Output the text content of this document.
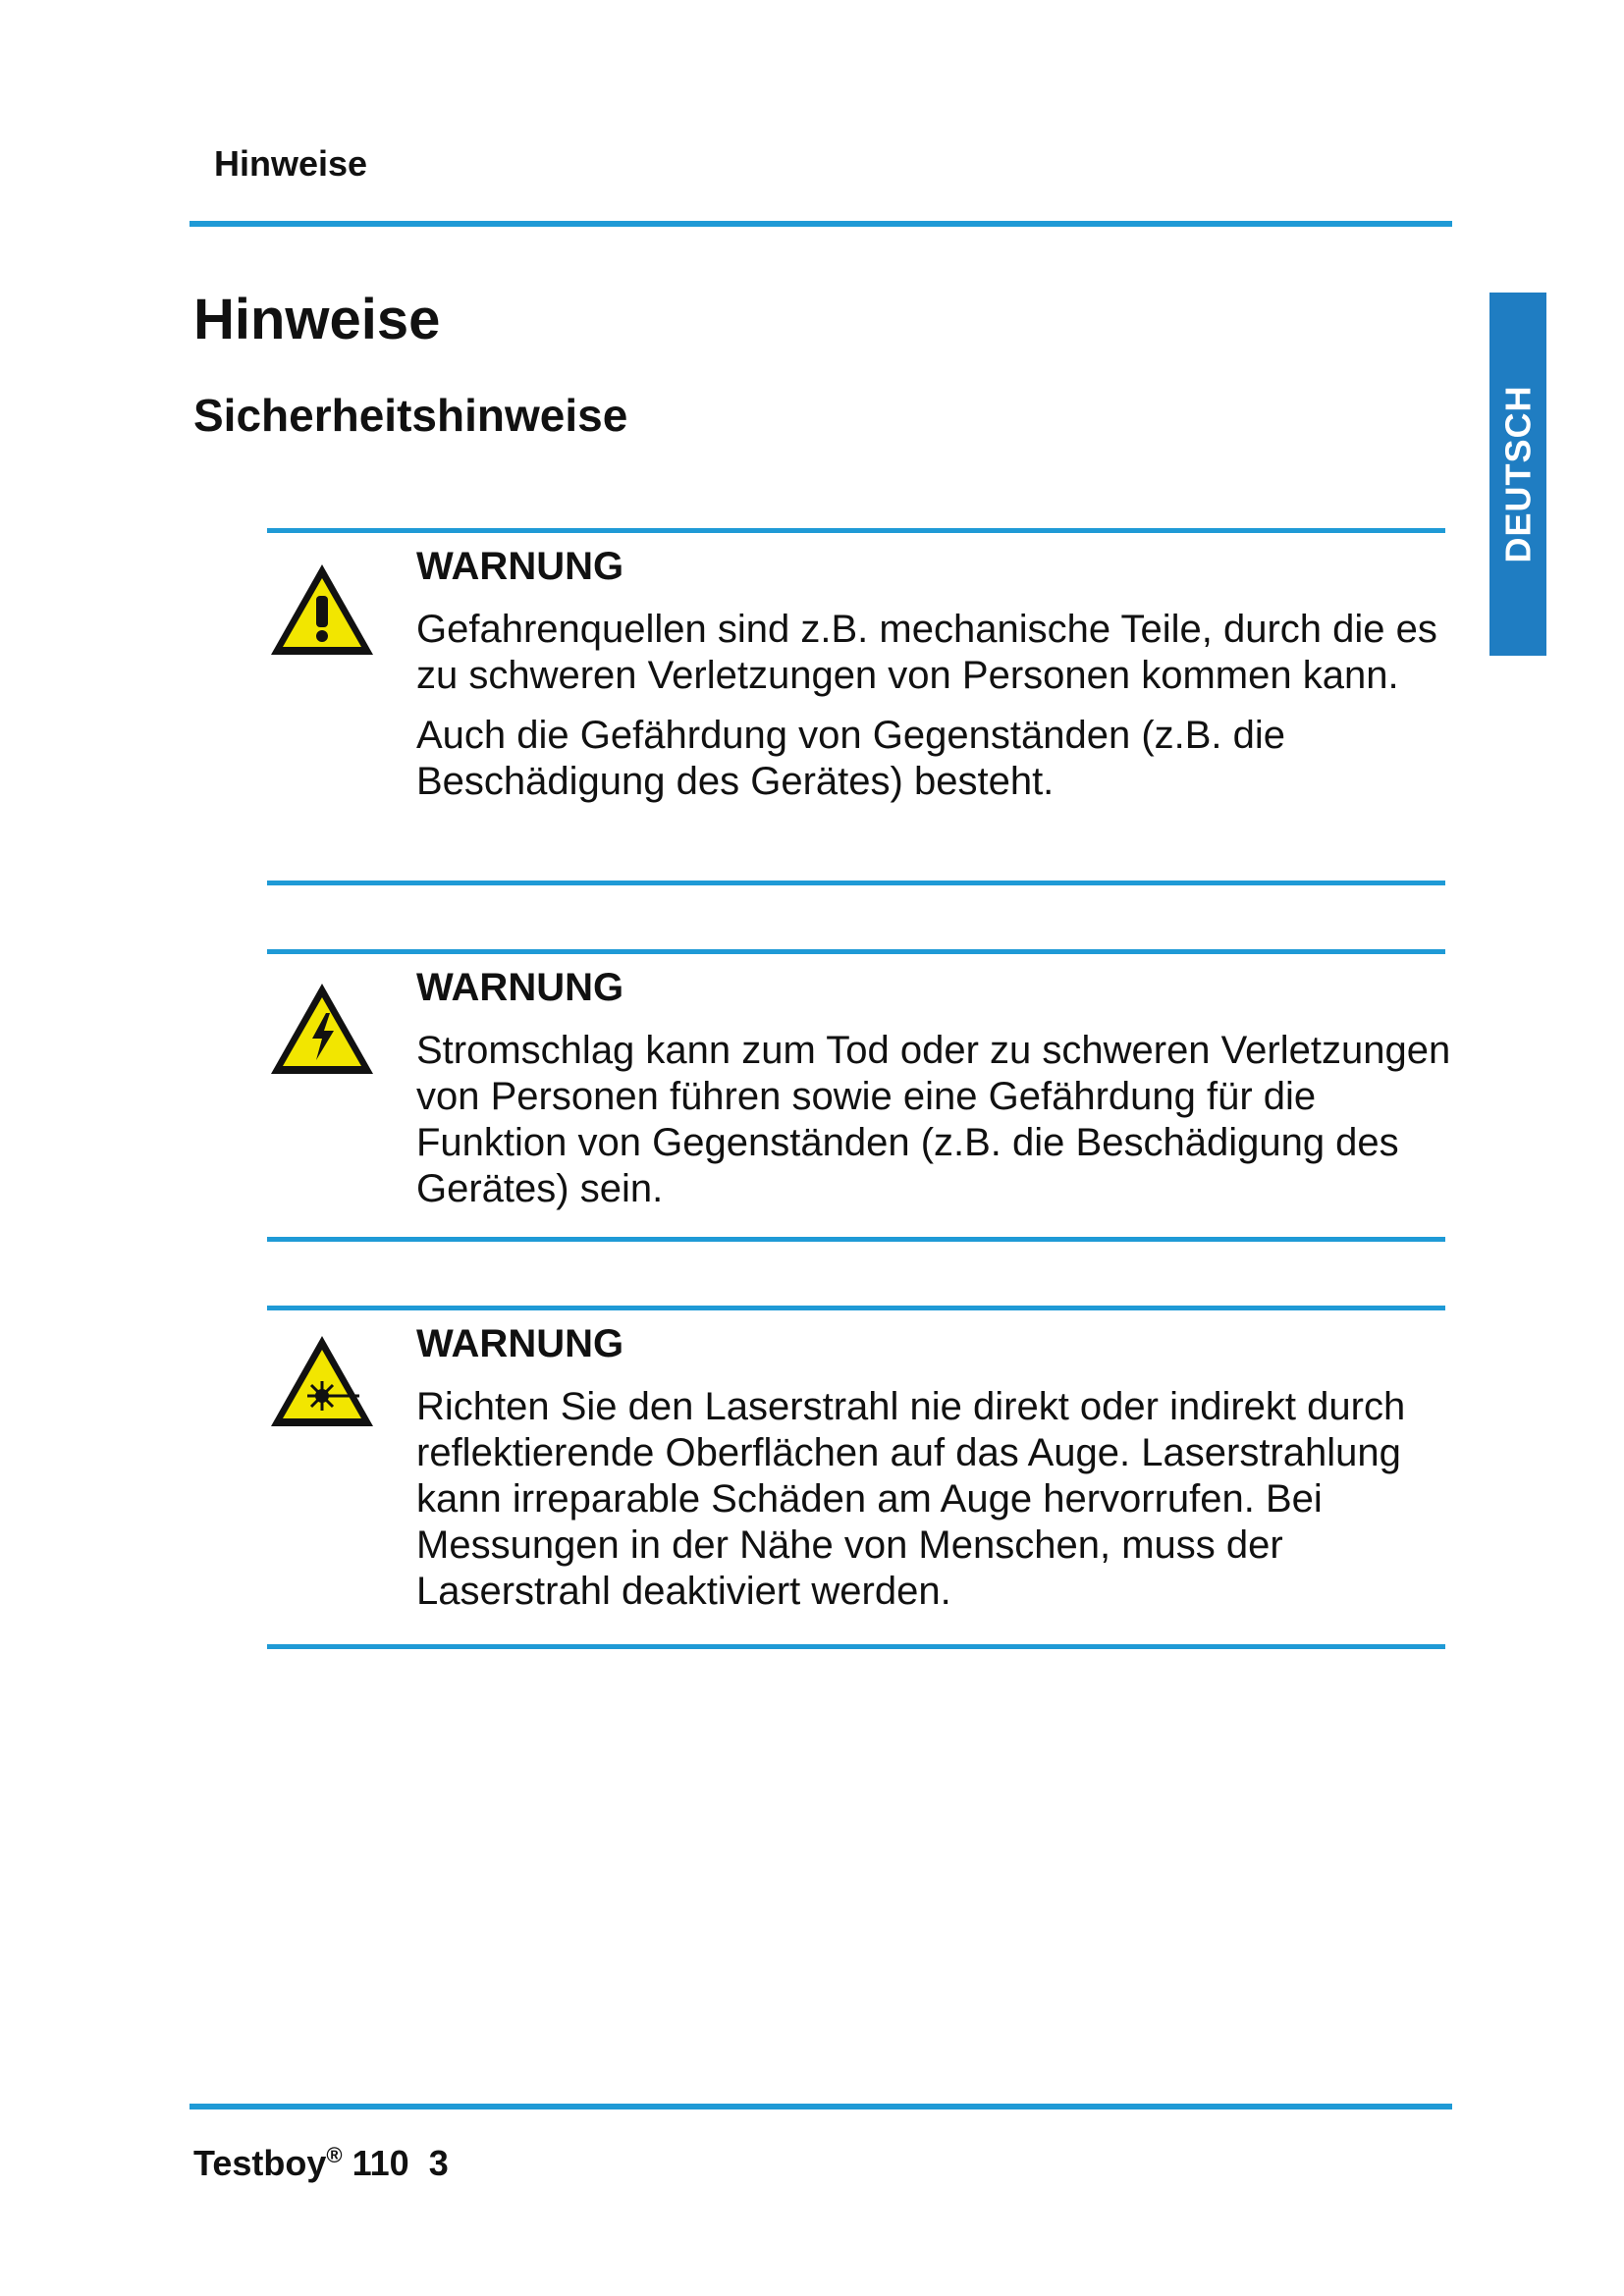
Hinweise
Hinweise
Sicherheitshinweise	DEUTSCH
WARNUNG

Gefahrenquellen sind z.B. mechanische Teile, durch die es zu schweren Verletzungen von Personen kommen kann.

Auch die Gefährdung von Gegenständen (z.B. die Beschädigung des Gerätes) besteht.

WARNUNG

Stromschlag kann zum Tod oder zu schweren Verletzungen von Personen führen sowie eine Gefährdung für die Funktion von Gegenständen (z.B. die Beschädigung des Gerätes) sein.

WARNUNG

Richten Sie den Laserstrahl nie direkt oder indirekt durch reflektierende Oberflächen auf das Auge. Laserstrahlung kann irreparable Schäden am Auge hervorrufen. Bei Messungen in der Nähe von Menschen, muss der Laserstrahl deaktiviert werden.

Testboy® 110 3
